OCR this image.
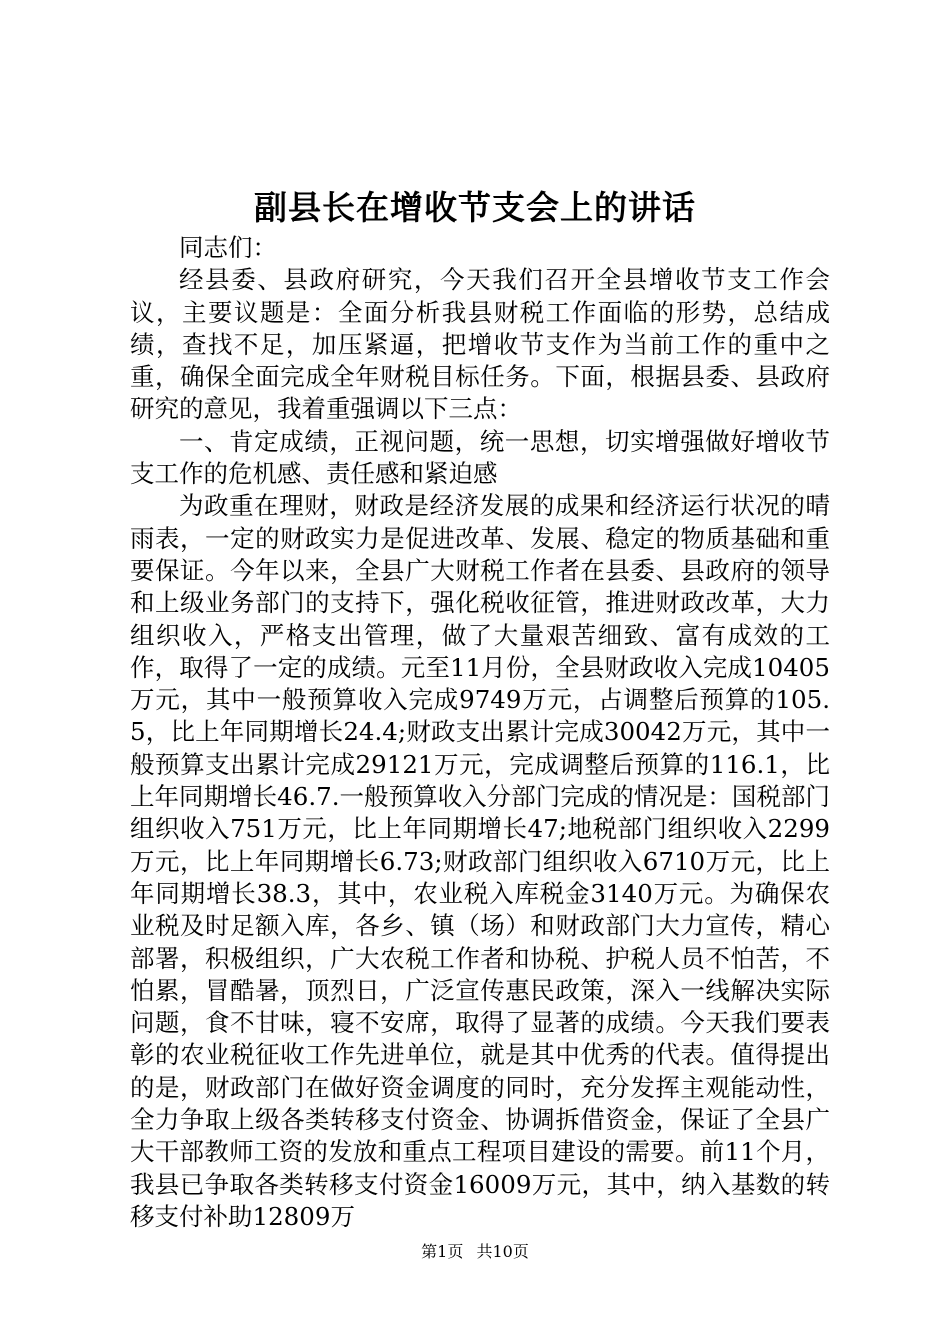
副县长在增收节支会上的讲话

同志们：

经县委、县政府研究，今天我们召开全县增收节支工作会议，主要议题是：全面分析我县财税工作面临的形势，总结成绩，查找不足，加压紧逼，把增收节支作为当前工作的重中之重，确保全面完成全年财税目标任务。下面，根据县委、县政府研究的意见，我着重强调以下三点：

一、肯定成绩，正视问题，统一思想，切实增强做好增收节支工作的危机感、责任感和紧迫感

为政重在理财，财政是经济发展的成果和经济运行状况的晴雨表，一定的财政实力是促进改革、发展、稳定的物质基础和重要保证。今年以来，全县广大财税工作者在县委、县政府的领导和上级业务部门的支持下，强化税收征管，推进财政改革，大力组织收入，严格支出管理，做了大量艰苦细致、富有成效的工作，取得了一定的成绩。元至11月份，全县财政收入完成10405万元，其中一般预算收入完成9749万元，占调整后预算的105.5，比上年同期增长24.4;财政支出累计完成30042万元，其中一般预算支出累计完成29121万元，完成调整后预算的116.1，比上年同期增长46.7.一般预算收入分部门完成的情况是：国税部门组织收入751万元，比上年同期增长47;地税部门组织收入2299万元，比上年同期增长6.73;财政部门组织收入6710万元，比上年同期增长38.3，其中，农业税入库税金3140万元。为确保农业税及时足额入库，各乡、镇（场）和财政部门大力宣传，精心部署，积极组织，广大农税工作者和协税、护税人员不怕苦，不怕累，冒酷暑，顶烈日，广泛宣传惠民政策，深入一线解决实际问题，食不甘味，寝不安席，取得了显著的成绩。今天我们要表彰的农业税征收工作先进单位，就是其中优秀的代表。值得提出的是，财政部门在做好资金调度的同时，充分发挥主观能动性，全力争取上级各类转移支付资金、协调拆借资金，保证了全县广大干部教师工资的发放和重点工程项目建设的需要。前11个月，我县已争取各类转移支付资金16009万元，其中，纳入基数的转移支付补助12809万

第1页 共10页
